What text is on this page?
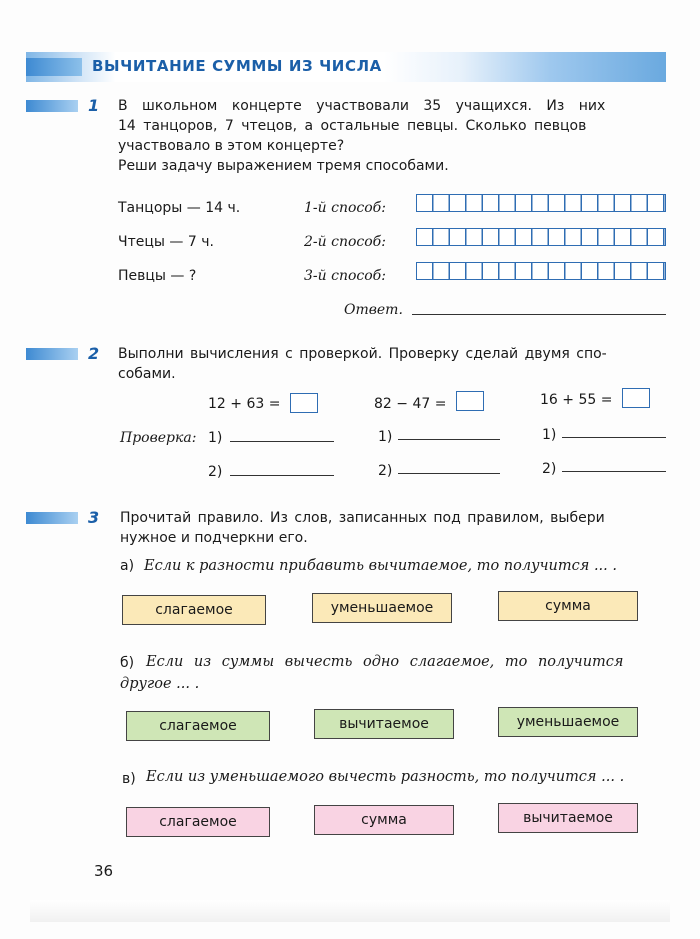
ВЫЧИТАНИЕ СУММЫ ИЗ ЧИСЛА
1 В школьном концерте участвовали 35 учащихся. Из них
14 танцоров, 7 чтецов, а остальные певцы. Сколько певцов
участвовало в этом концерте?
Реши задачу выражением тремя способами.
Танцоры — 14 ч.
Чтецы — 7 ч.
Певцы — ?
1-й способ:
2-й способ:
3-й способ:
Ответ.
2 Выполни вычисления с проверкой. Проверку сделай двумя спо-
собами.
12 + 63 =	82 − 47 =	16 + 55 =
Проверка: 1)	1)	1)
2)	2)	2)
3 Прочитай правило. Из слов, записанных под правилом, выбери
нужное и подчеркни его.
а) Если к разности прибавить вычитаемое, то получится ... .
слагаемое	уменьшаемое	сумма
б) Если из суммы вычесть одно слагаемое, то получится
другое ... .
слагаемое	вычитаемое	уменьшаемое
в) Если из уменьшаемого вычесть разность, то получится ... .
слагаемое	сумма	вычитаемое
36
